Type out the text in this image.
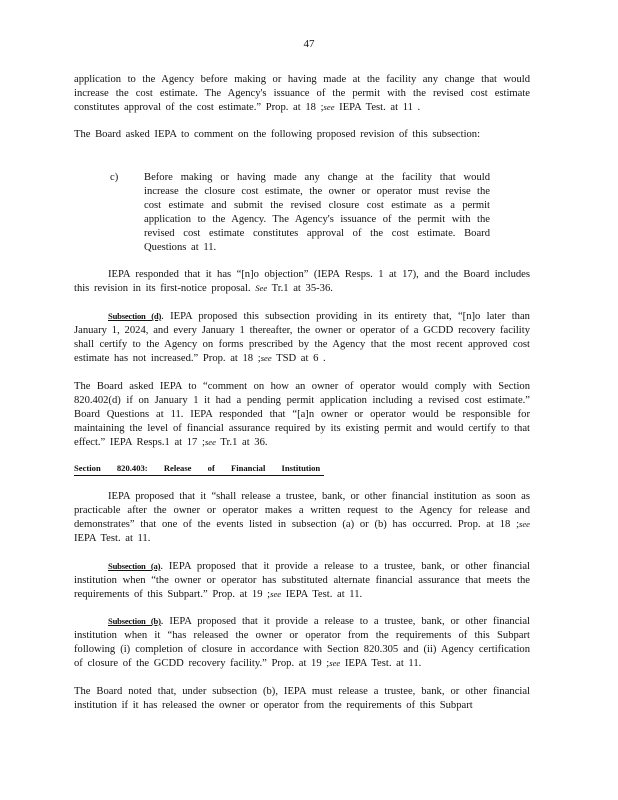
47
application to the Agency before making or having made at the facility any change that would increase the cost estimate. The Agency's issuance of the permit with the revised cost estimate constitutes approval of the cost estimate.” Prop. at 18 ;see IEPA Test. at 11 .
The Board asked IEPA to comment on the following proposed revision of this subsection:
c) Before making or having made any change at the facility that would increase the closure cost estimate, the owner or operator must revise the cost estimate and submit the revised closure cost estimate as a permit application to the Agency. The Agency's issuance of the permit with the revised cost estimate constitutes approval of the cost estimate. Board Questions at 11.
IEPA responded that it has “[n]o objection” (IEPA Resps. 1 at 17), and the Board includes this revision in its first-notice proposal. See Tr.1 at 35-36.
Subsection (d). IEPA proposed this subsection providing in its entirety that, “[n]o later than January 1, 2024, and every January 1 thereafter, the owner or operator of a GCDD recovery facility shall certify to the Agency on forms prescribed by the Agency that the most recent approved cost estimate has not increased.” Prop. at 18 ;see TSD at 6 .
The Board asked IEPA to “comment on how an owner of operator would comply with Section 820.402(d) if on January 1 it had a pending permit application including a revised cost estimate.” Board Questions at 11. IEPA responded that “[a]n owner or operator would be responsible for maintaining the level of financial assurance required by its existing permit and would certify to that effect.” IEPA Resps.1 at 17 ;see Tr.1 at 36.
Section 820.403: Release of Financial Institution
IEPA proposed that it “shall release a trustee, bank, or other financial institution as soon as practicable after the owner or operator makes a written request to the Agency for release and demonstrates” that one of the events listed in subsection (a) or (b) has occurred. Prop. at 18 ;see IEPA Test. at 11.
Subsection (a). IEPA proposed that it provide a release to a trustee, bank, or other financial institution when “the owner or operator has substituted alternate financial assurance that meets the requirements of this Subpart.” Prop. at 19 ;see IEPA Test. at 11.
Subsection (b). IEPA proposed that it provide a release to a trustee, bank, or other financial institution when it “has released the owner or operator from the requirements of this Subpart following (i) completion of closure in accordance with Section 820.305 and (ii) Agency certification of closure of the GCDD recovery facility.” Prop. at 19 ;see IEPA Test. at 11.
The Board noted that, under subsection (b), IEPA must release a trustee, bank, or other financial institution if it has released the owner or operator from the requirements of this Subpart
